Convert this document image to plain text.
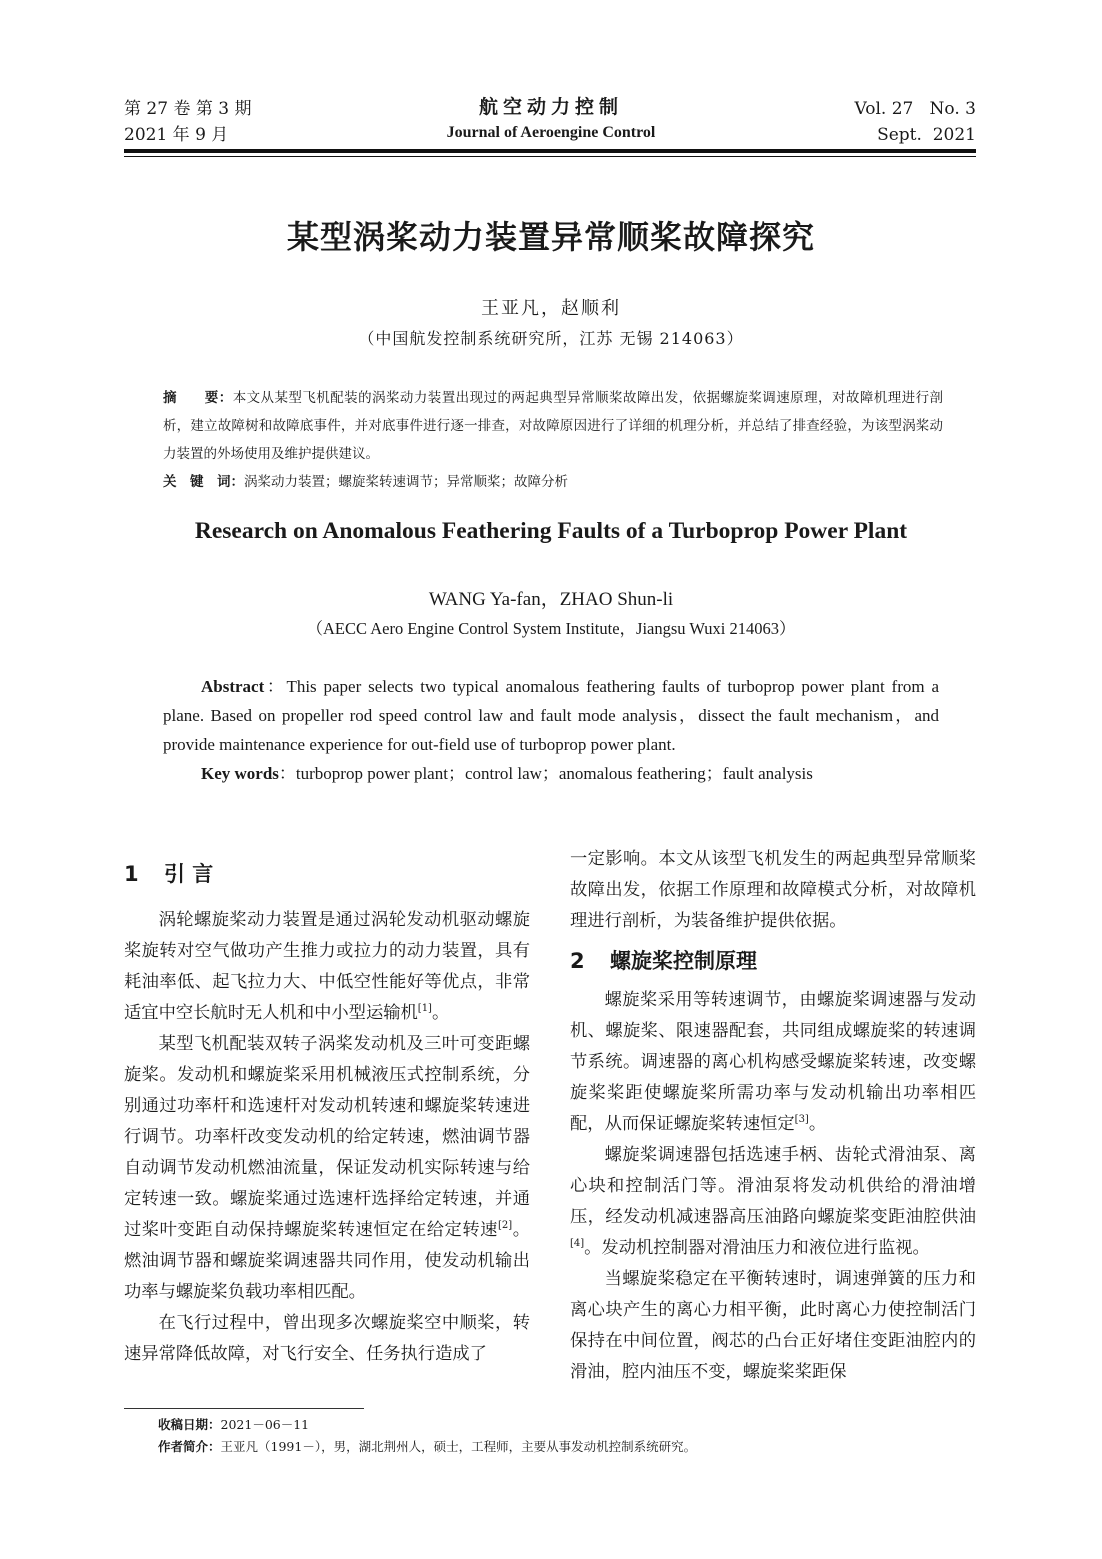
第 27 卷 第 3 期
2021 年 9 月
航空动力控制
Journal of Aeroengine Control
Vol. 27   No. 3
Sept.  2021
某型涡桨动力装置异常顺桨故障探究
王亚凡，赵顺利
（中国航发控制系统研究所，江苏 无锡 214063）

摘　　要：本文从某型飞机配装的涡桨动力装置出现过的两起典型异常顺桨故障出发，依据螺旋桨调速原理，对故障机理进行剖析，建立故障树和故障底事件，并对底事件进行逐一排查，对故障原因进行了详细的机理分析，并总结了排查经验，为该型涡桨动力装置的外场使用及维护提供建议。

关　键　词：涡桨动力装置；螺旋桨转速调节；异常顺桨；故障分析

Research on Anomalous Feathering Faults of a Turboprop Power Plant
WANG Ya-fan，ZHAO Shun-li
（AECC Aero Engine Control System Institute，Jiangsu Wuxi 214063）

Abstract：This paper selects two typical anomalous feathering faults of turboprop power plant from a plane. Based on propeller rod speed control law and fault mode analysis，dissect the fault mechanism，and provide maintenance experience for out-field use of turboprop power plant.

Key words：turboprop power plant；control law；anomalous feathering；fault analysis

1 引 言

涡轮螺旋桨动力装置是通过涡轮发动机驱动螺旋桨旋转对空气做功产生推力或拉力的动力装置，具有耗油率低、起飞拉力大、中低空性能好等优点，非常适宜中空长航时无人机和中小型运输机[1]。

某型飞机配装双转子涡桨发动机及三叶可变距螺旋桨。发动机和螺旋桨采用机械液压式控制系统，分别通过功率杆和选速杆对发动机转速和螺旋桨转速进行调节。功率杆改变发动机的给定转速，燃油调节器自动调节发动机燃油流量，保证发动机实际转速与给定转速一致。螺旋桨通过选速杆选择给定转速，并通过桨叶变距自动保持螺旋桨转速恒定在给定转速[2]。燃油调节器和螺旋桨调速器共同作用，使发动机输出功率与螺旋桨负载功率相匹配。

在飞行过程中，曾出现多次螺旋桨空中顺桨，转速异常降低故障，对飞行安全、任务执行造成了

一定影响。本文从该型飞机发生的两起典型异常顺桨故障出发，依据工作原理和故障模式分析，对故障机理进行剖析，为装备维护提供依据。

2 螺旋桨控制原理

螺旋桨采用等转速调节，由螺旋桨调速器与发动机、螺旋桨、限速器配套，共同组成螺旋桨的转速调节系统。调速器的离心机构感受螺旋桨转速，改变螺旋桨桨距使螺旋桨所需功率与发动机输出功率相匹配，从而保证螺旋桨转速恒定[3]。

螺旋桨调速器包括选速手柄、齿轮式滑油泵、离心块和控制活门等。滑油泵将发动机供给的滑油增压，经发动机减速器高压油路向螺旋桨变距油腔供油[4]。发动机控制器对滑油压力和液位进行监视。

当螺旋桨稳定在平衡转速时，调速弹簧的压力和离心块产生的离心力相平衡，此时离心力使控制活门保持在中间位置，阀芯的凸台正好堵住变距油腔内的滑油，腔内油压不变，螺旋桨桨距保

收稿日期：2021－06－11
作者简介：王亚凡（1991－），男，湖北荆州人，硕士，工程师，主要从事发动机控制系统研究。
